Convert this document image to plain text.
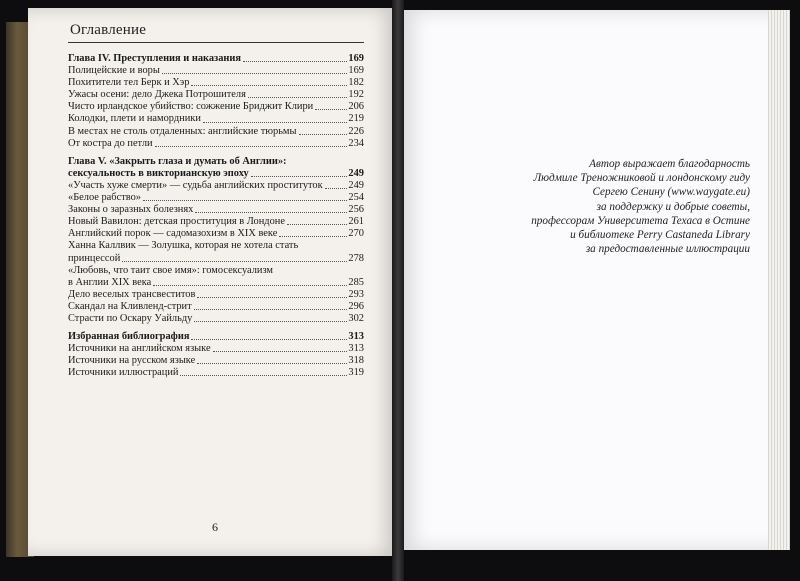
Оглавление
Глава IV. Преступления и наказания	169
Полицейские и воры	169
Похитители тел Берк и Хэр	182
Ужасы осени: дело Джека Потрошителя	192
Чисто ирландское убийство: сожжение Бриджит Клири	206
Колодки, плети и намордники	219
В местах не столь отдаленных: английские тюрьмы	226
От костра до петли	234
Глава V. «Закрыть глаза и думать об Англии»:
сексуальность в викторианскую эпоху	249
«Участь хуже смерти» — судьба английских проституток 249
«Белое рабство»	254
Законы о заразных болезнях	256
Новый Вавилон: детская проституция в Лондоне	261
Английский порок — садомазохизм в XIX веке	270
Ханна Каллвик — Золушка, которая не хотела стать
принцессой	278
«Любовь, что таит свое имя»: гомосексуализм
в Англии XIX века	285
Дело веселых трансвеститов	293
Скандал на Кливленд-стрит	296
Страсти по Оскару Уайльду	302
Избранная библиография	313
Источники на английском языке	313
Источники на русском языке	318
Источники иллюстраций	319
6
Автор выражает благодарность
Людмиле Треножниковой и лондонскому гиду
Сергею Сенину (www.waygate.eu)
за поддержку и добрые советы,
профессорам Университета Техаса в Остине
и библиотеке Perry Castaneda Library
за предоставленные иллюстрации
